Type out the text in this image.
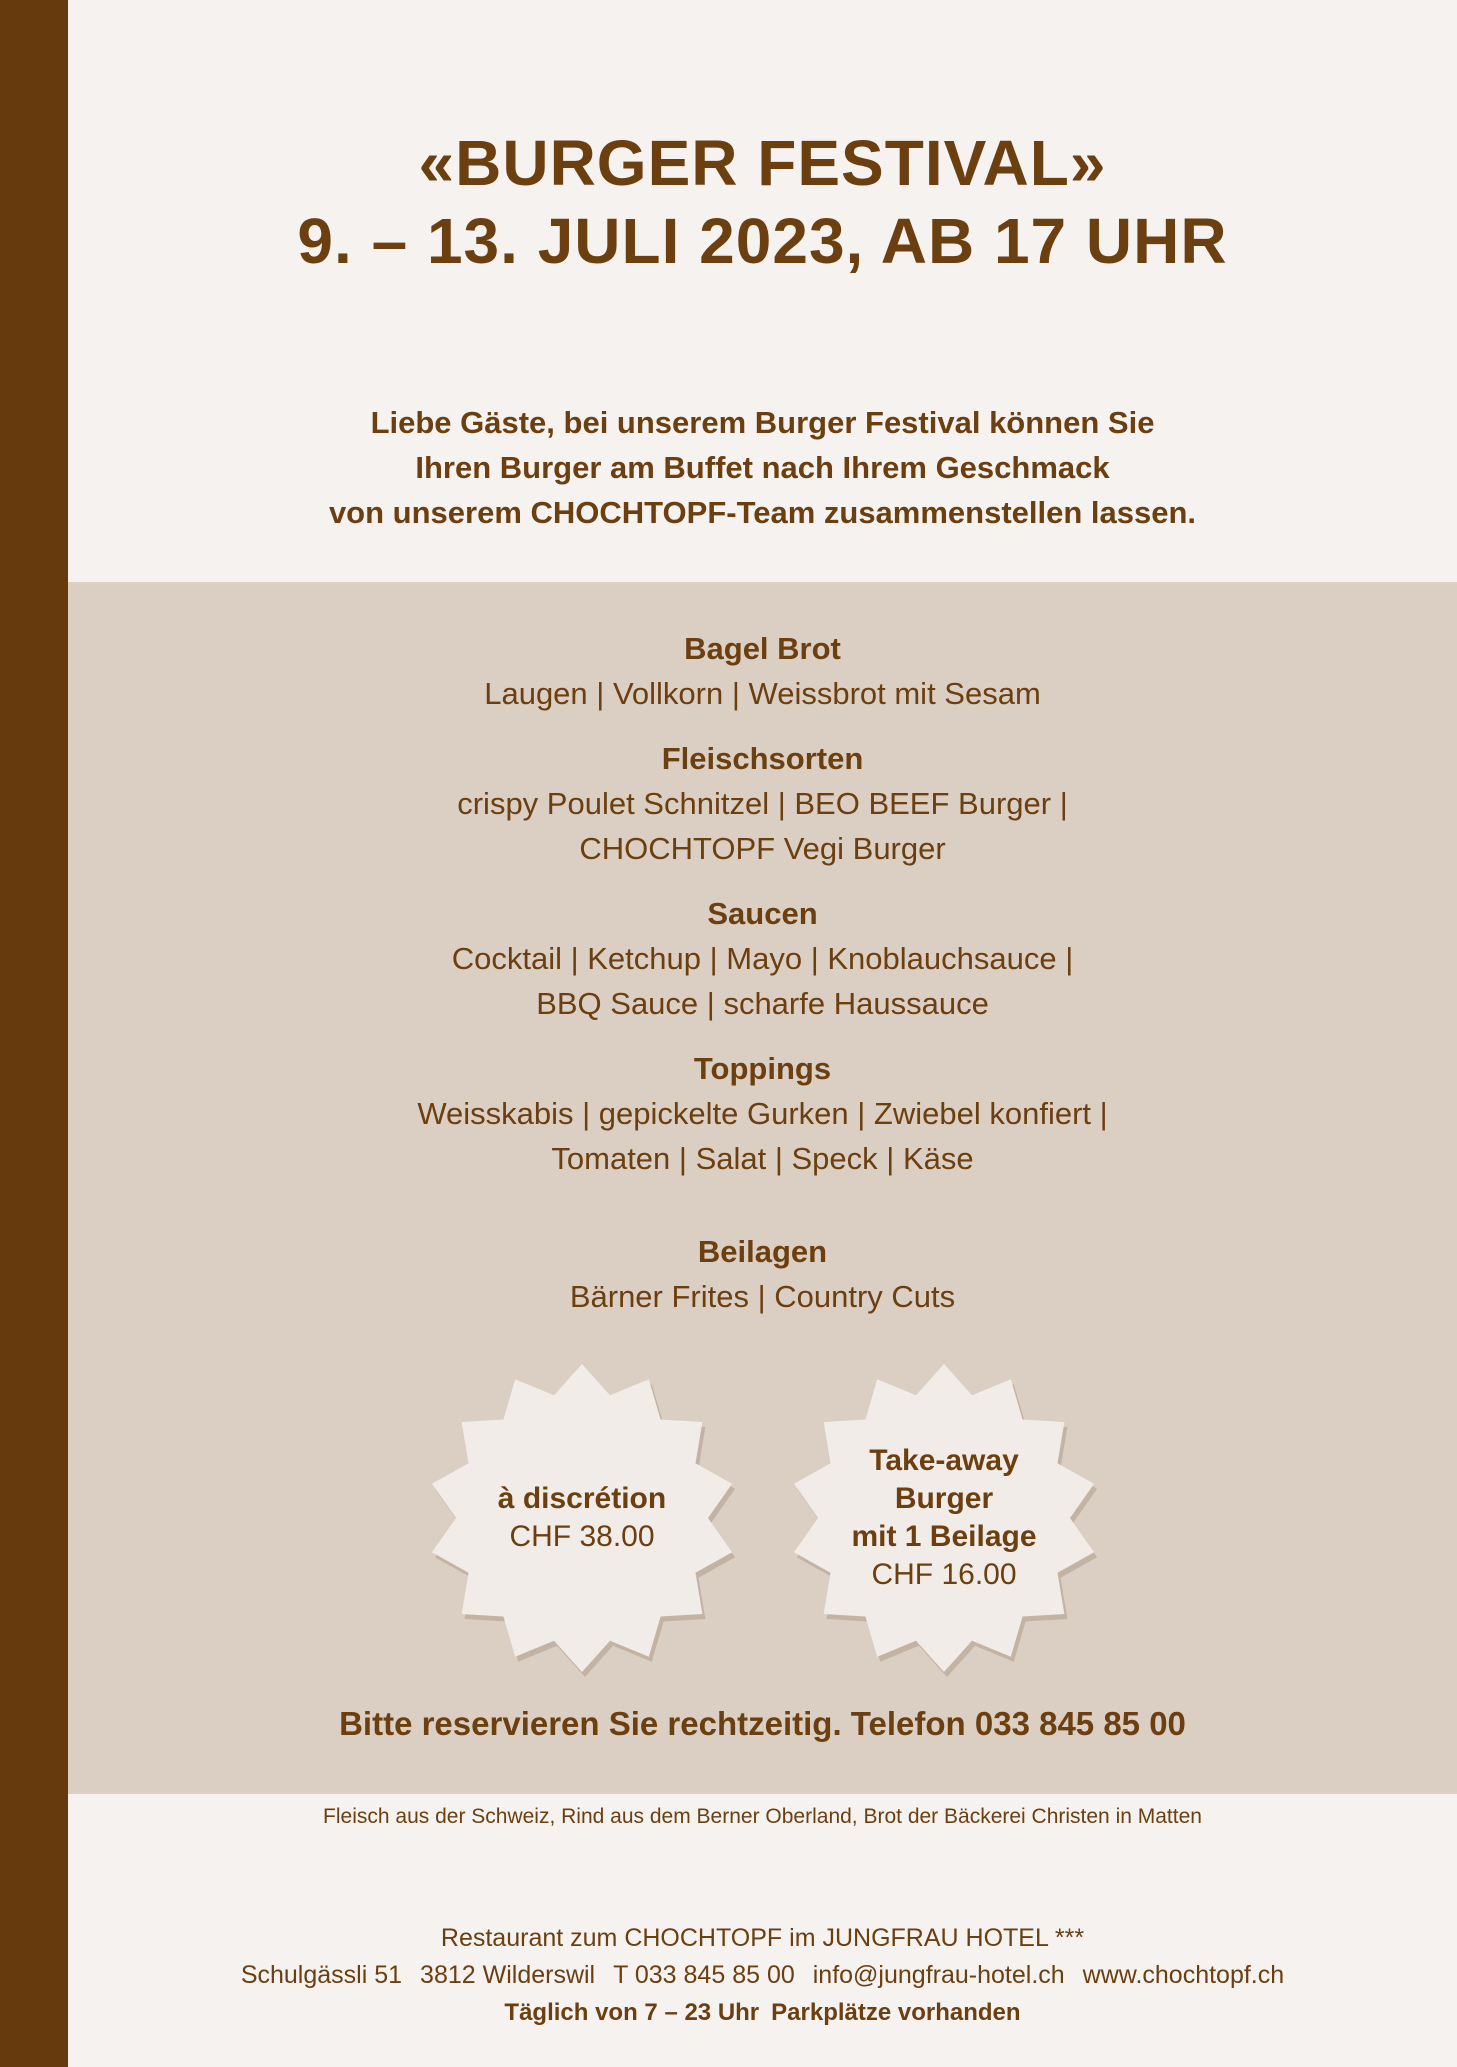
«BURGER FESTIVAL»
9. – 13. JULI 2023, AB 17 UHR
Liebe Gäste, bei unserem Burger Festival können Sie
Ihren Burger am Buffet nach Ihrem Geschmack
von unserem CHOCHTOPF-Team zusammenstellen lassen.
Bagel Brot
Laugen | Vollkorn | Weissbrot mit Sesam
Fleischsorten
crispy Poulet Schnitzel | BEO BEEF Burger |
CHOCHTOPF Vegi Burger
Saucen
Cocktail | Ketchup | Mayo | Knoblauchsauce |
BBQ Sauce | scharfe Haussauce
Toppings
Weisskabis | gepickelte Gurken | Zwiebel konfiert |
Tomaten | Salat | Speck | Käse
Beilagen
Bärner Frites | Country Cuts
à discrétion
CHF 38.00
Take-away
Burger
mit 1 Beilage
CHF 16.00
Bitte reservieren Sie rechtzeitig. Telefon 033 845 85 00
Fleisch aus der Schweiz, Rind aus dem Berner Oberland, Brot der Bäckerei Christen in Matten
Restaurant zum CHOCHTOPF im JUNGFRAU HOTEL ***
Schulgässli 51 3812 Wilderswil T 033 845 85 00 info@jungfrau-hotel.ch www.chochtopf.ch
Täglich von 7 – 23 Uhr Parkplätze vorhanden
